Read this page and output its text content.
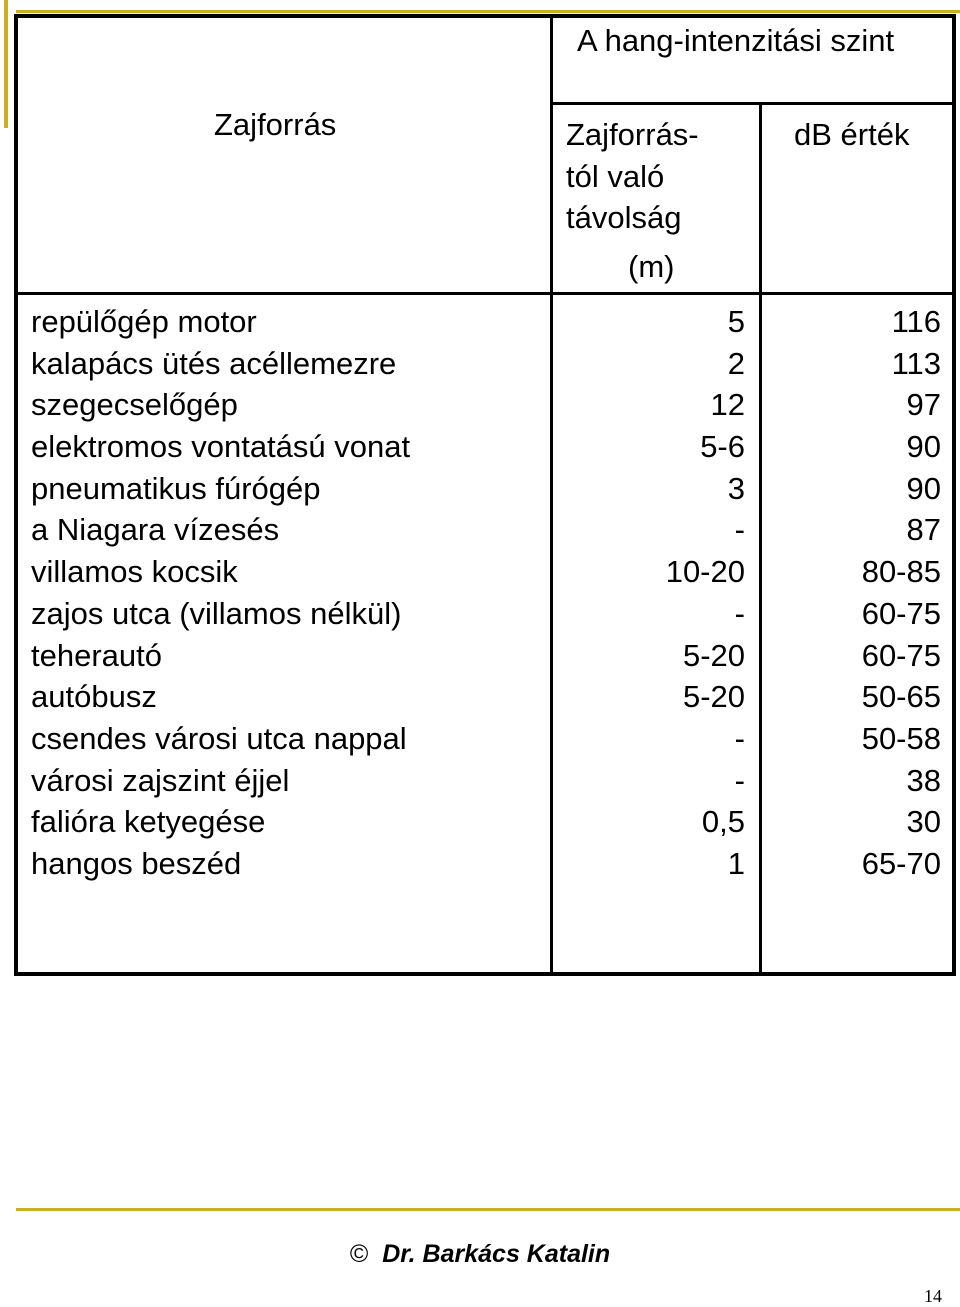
Zajforrás
A hang-intenzitási szint
Zajforrás-
tól való
távolság
(m)
dB érték
repülőgép motor
kalapács ütés acéllemezre
szegecselőgép
elektromos vontatású vonat
pneumatikus fúrógép
a Niagara vízesés
villamos kocsik
zajos utca (villamos nélkül)
teherautó
autóbusz
csendes városi utca nappal
városi zajszint éjjel
falióra ketyegése
hangos beszéd
5
2
12
5-6
3
-
10-20
-
5-20
5-20
-
-
0,5
1
116
113
97
90
90
87
80-85
60-75
60-75
50-65
50-58
38
30
65-70
© Dr. Barkács Katalin
14
